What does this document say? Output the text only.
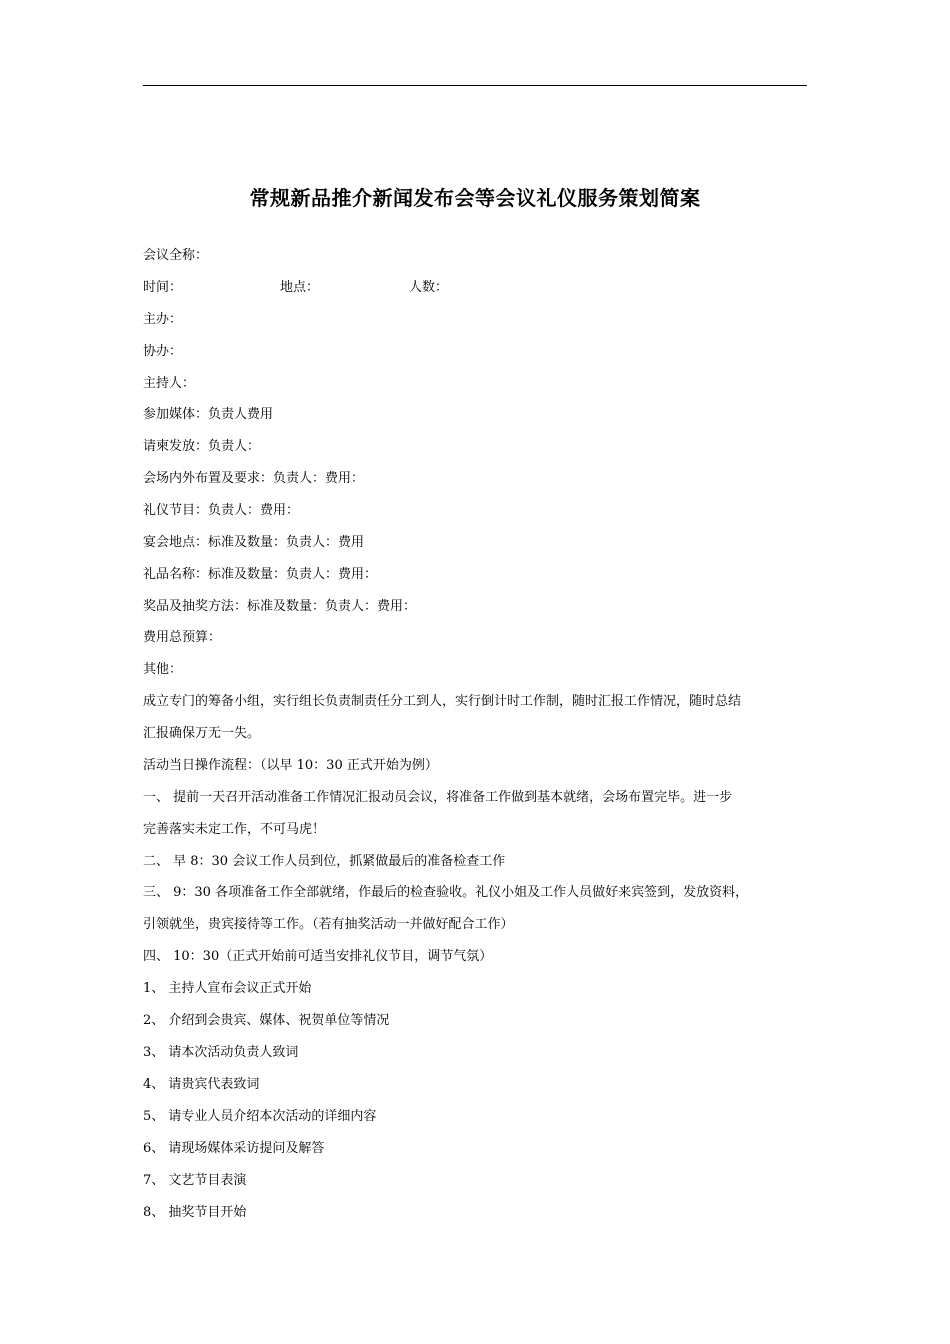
常规新品推介新闻发布会等会议礼仪服务策划简案
会议全称：
时间：	地点：	人数：
主办：
协办：
主持人：
参加媒体：负责人费用
请柬发放：负责人：
会场内外布置及要求：负责人：费用：
礼仪节目：负责人：费用：
宴会地点：标准及数量：负责人：费用
礼品名称：标准及数量：负责人：费用：
奖品及抽奖方法：标准及数量：负责人：费用：
费用总预算：
其他：
成立专门的筹备小组，实行组长负责制责任分工到人，实行倒计时工作制，随时汇报工作情况，随时总结
汇报确保万无一失。
活动当日操作流程：（以早 10：30 正式开始为例）
一、 提前一天召开活动准备工作情况汇报动员会议，将准备工作做到基本就绪，会场布置完毕。进一步
完善落实未定工作，不可马虎！
二、 早 8：30 会议工作人员到位，抓紧做最后的准备检查工作
三、 9：30 各项准备工作全部就绪，作最后的检查验收。礼仪小姐及工作人员做好来宾签到，发放资料，
引领就坐，贵宾接待等工作。（若有抽奖活动一并做好配合工作）
四、 10：30（正式开始前可适当安排礼仪节目，调节气氛）
1、 主持人宣布会议正式开始
2、 介绍到会贵宾、媒体、祝贺单位等情况
3、 请本次活动负责人致词
4、 请贵宾代表致词
5、 请专业人员介绍本次活动的详细内容
6、 请现场媒体采访提问及解答
7、 文艺节目表演
8、 抽奖节目开始
